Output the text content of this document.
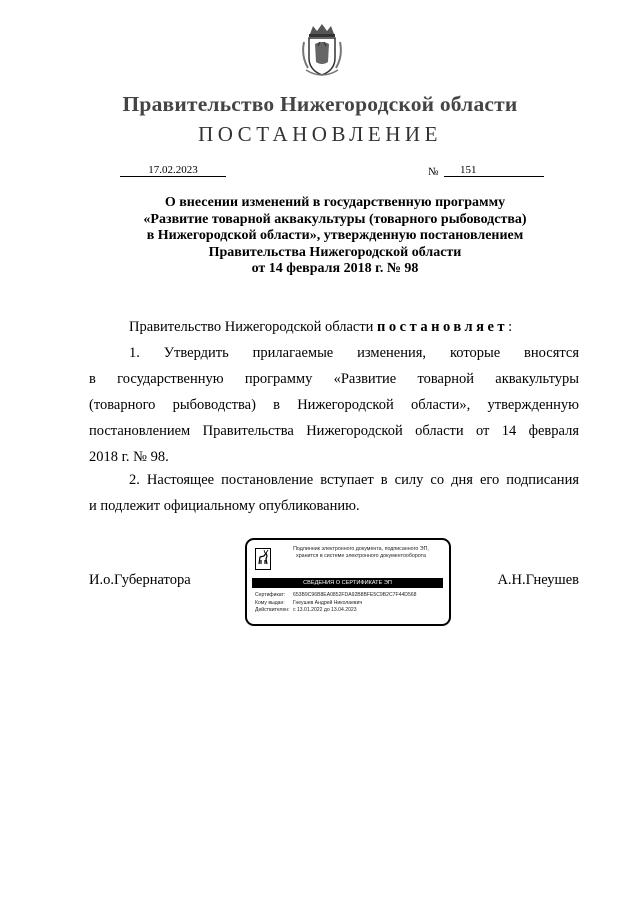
Правительство Нижегородской области
ПОСТАНОВЛЕНИЕ
17.02.2023	№	151
О внесении изменений в государственную программу
«Развитие товарной аквакультуры (товарного рыбоводства)
в Нижегородской области», утвержденную постановлением
Правительства Нижегородской области
от 14 февраля 2018 г. № 98
Правительство Нижегородской области постановляет:
1. Утвердить прилагаемые изменения, которые вносятся
в государственную программу «Развитие товарной аквакультуры
(товарного рыбоводства) в Нижегородской области», утвержденную
постановлением Правительства Нижегородской области от 14 февраля
2018 г. № 98.
2. Настоящее постановление вступает в силу со дня его подписания
и подлежит официальному опубликованию.
И.о.Губернатора	А.Н.Гнеушев
Подлинник электронного документа, подписанного ЭП,
хранится в системе электронного документооборота
СВЕДЕНИЯ О СЕРТИФИКАТЕ ЭП
Сертификат: 653B9C96B8EA0852FDA92B8BFE5C9B2C7F44D568
Кому выдан: Гнеушев Андрей Николаевич
Действителен: с 13.01.2022 до 13.04.2023
